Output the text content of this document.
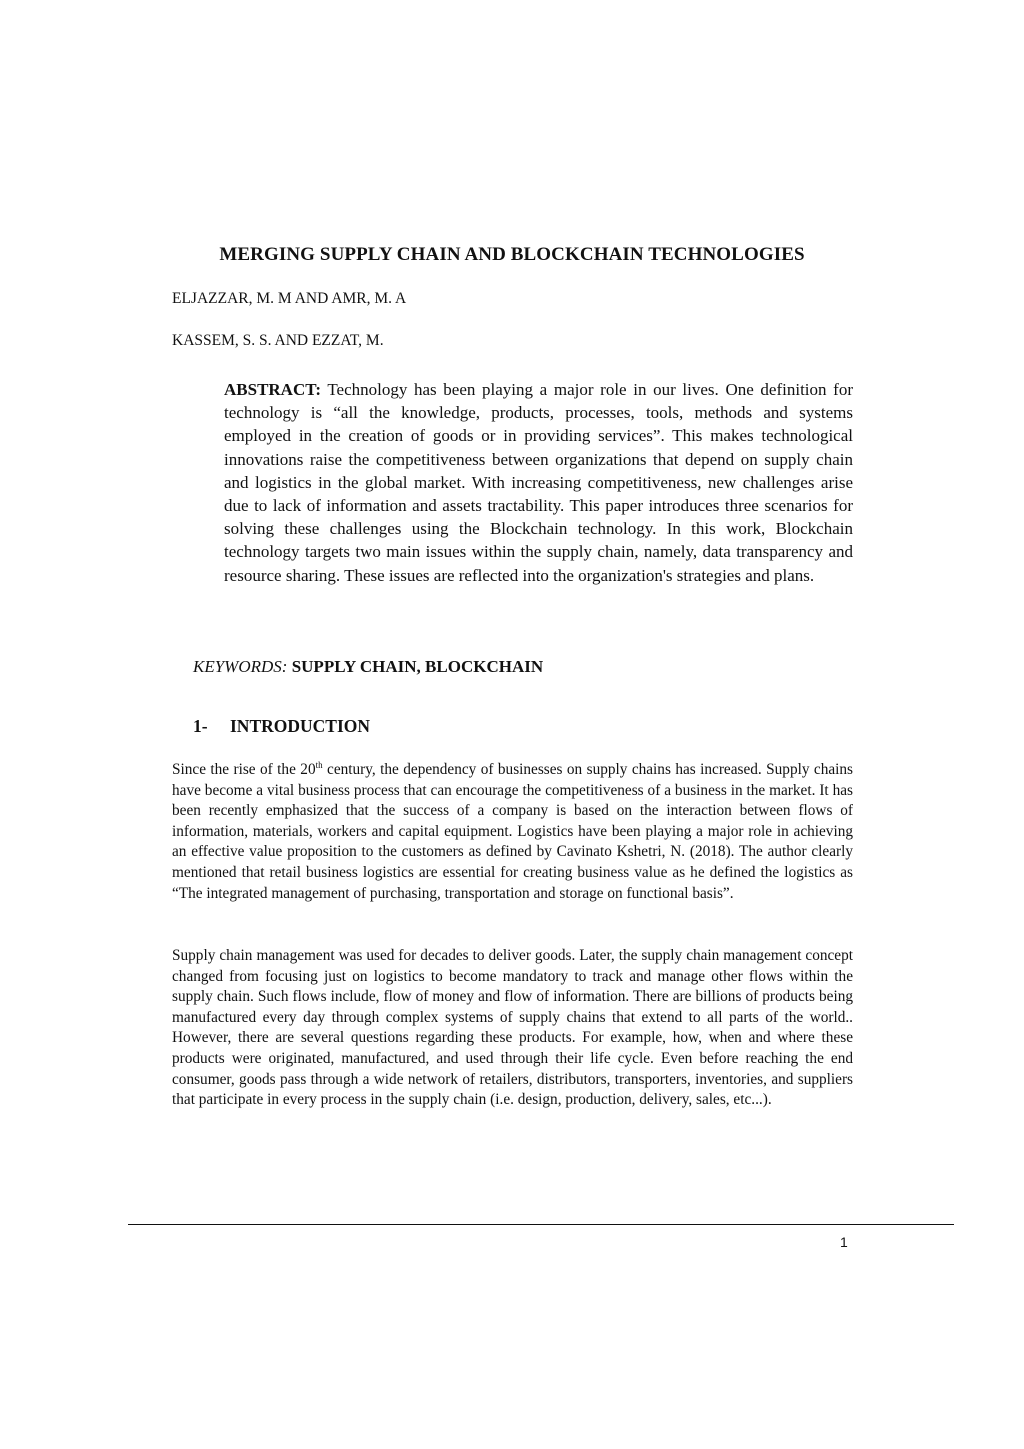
MERGING SUPPLY CHAIN AND BLOCKCHAIN TECHNOLOGIES
ELJAZZAR, M. M AND AMR, M. A
KASSEM, S. S. AND EZZAT, M.
ABSTRACT: Technology has been playing a major role in our lives. One definition for technology is “all the knowledge, products, processes, tools, methods and systems employed in the creation of goods or in providing services”. This makes technological innovations raise the competitiveness between organizations that depend on supply chain and logistics in the global market. With increasing competitiveness, new challenges arise due to lack of information and assets tractability. This paper introduces three scenarios for solving these challenges using the Blockchain technology. In this work, Blockchain technology targets two main issues within the supply chain, namely, data transparency and resource sharing. These issues are reflected into the organization's strategies and plans.
KEYWORDS: SUPPLY CHAIN, BLOCKCHAIN
1- INTRODUCTION
Since the rise of the 20th century, the dependency of businesses on supply chains has increased. Supply chains have become a vital business process that can encourage the competitiveness of a business in the market. It has been recently emphasized that the success of a company is based on the interaction between flows of information, materials, workers and capital equipment. Logistics have been playing a major role in achieving an effective value proposition to the customers as defined by Cavinato Kshetri, N. (2018). The author clearly mentioned that retail business logistics are essential for creating business value as he defined the logistics as “The integrated management of purchasing, transportation and storage on functional basis”.
Supply chain management was used for decades to deliver goods. Later, the supply chain management concept changed from focusing just on logistics to become mandatory to track and manage other flows within the supply chain. Such flows include, flow of money and flow of information. There are billions of products being manufactured every day through complex systems of supply chains that extend to all parts of the world.. However, there are several questions regarding these products. For example, how, when and where these products were originated, manufactured, and used through their life cycle. Even before reaching the end consumer, goods pass through a wide network of retailers, distributors, transporters, inventories, and suppliers that participate in every process in the supply chain (i.e. design, production, delivery, sales, etc...).
1
